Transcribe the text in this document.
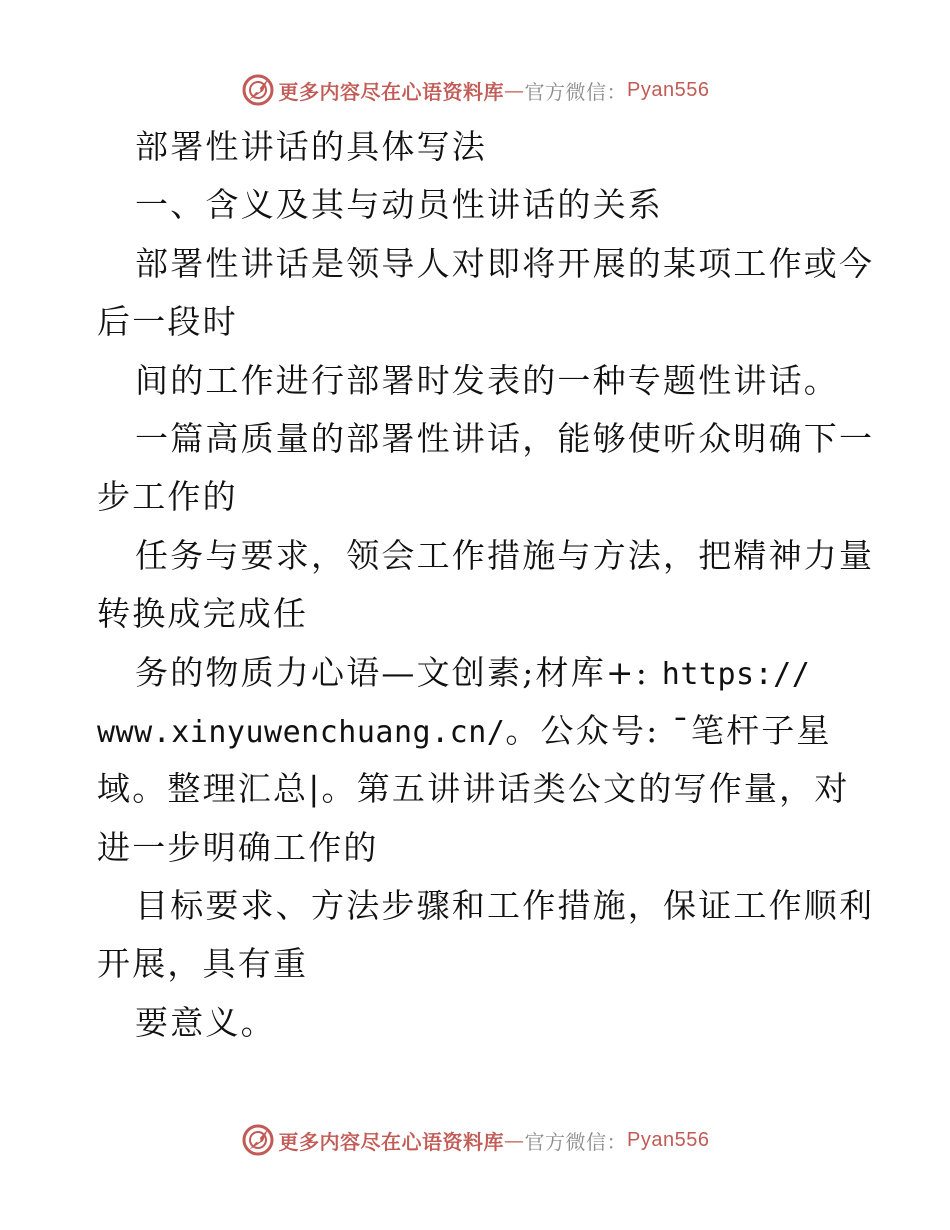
更多内容尽在心语资料库 — 官方微信： Pyan556
部署性讲话的具体写法
一、含义及其与动员性讲话的关系
部署性讲话是领导人对即将开展的某项工作或今
后一段时
间的工作进行部署时发表的一种专题性讲话。
一篇高质量的部署性讲话，能够使听众明确下一
步工作的
任务与要求，领会工作措施与方法，把精神力量
转换成完成任
务的物质力心语—文创素;材库+: https://
www.xinyuwenchuang.cn/。公众号: ¯笔杆子星
域。整理汇总|。第五讲讲话类公文的写作量，对
进一步明确工作的
目标要求、方法步骤和工作措施，保证工作顺利
开展，具有重
要意义。
更多内容尽在心语资料库 — 官方微信： Pyan556
